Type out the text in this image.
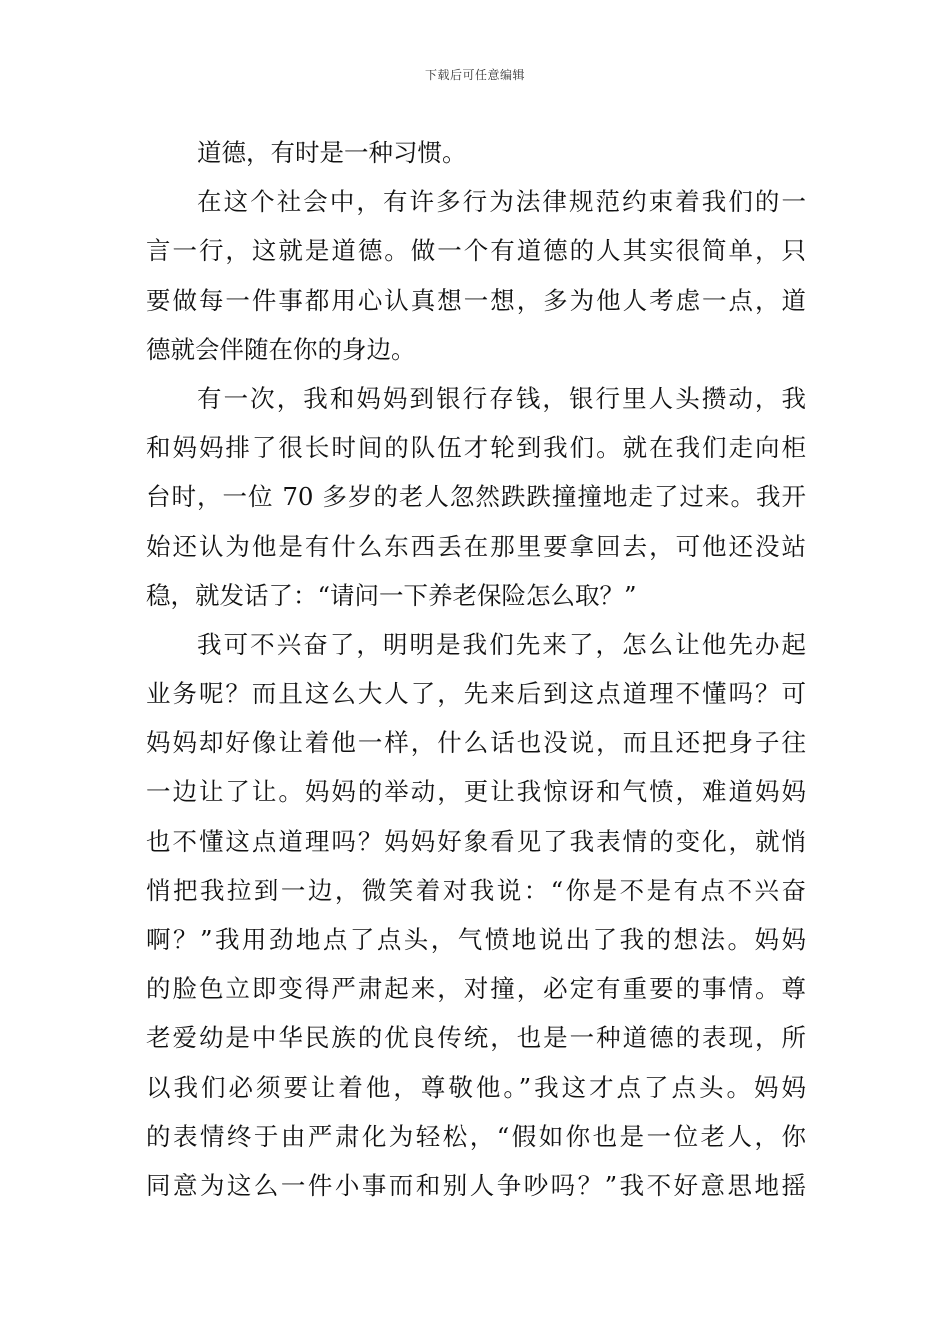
下载后可任意编辑
道德，有时是一种习惯。
在这个社会中，有许多行为法律规范约束着我们的一
言一行，这就是道德。做一个有道德的人其实很简单，只
要做每一件事都用心认真想一想，多为他人考虑一点，道
德就会伴随在你的身边。
有一次，我和妈妈到银行存钱，银行里人头攒动，我
和妈妈排了很长时间的队伍才轮到我们。就在我们走向柜
台时，一位 70 多岁的老人忽然跌跌撞撞地走了过来。我开
始还认为他是有什么东西丢在那里要拿回去，可他还没站
稳，就发话了：“请问一下养老保险怎么取？”
我可不兴奋了，明明是我们先来了，怎么让他先办起
业务呢？而且这么大人了，先来后到这点道理不懂吗？可
妈妈却好像让着他一样，什么话也没说，而且还把身子往
一边让了让。妈妈的举动，更让我惊讶和气愤，难道妈妈
也不懂这点道理吗？妈妈好象看见了我表情的变化，就悄
悄把我拉到一边，微笑着对我说：“你是不是有点不兴奋
啊？”我用劲地点了点头，气愤地说出了我的想法。妈妈
的脸色立即变得严肃起来，对撞，必定有重要的事情。尊
老爱幼是中华民族的优良传统，也是一种道德的表现，所
以我们必须要让着他，尊敬他。”我这才点了点头。妈妈
的表情终于由严肃化为轻松，“假如你也是一位老人，你
同意为这么一件小事而和别人争吵吗？”我不好意思地摇
